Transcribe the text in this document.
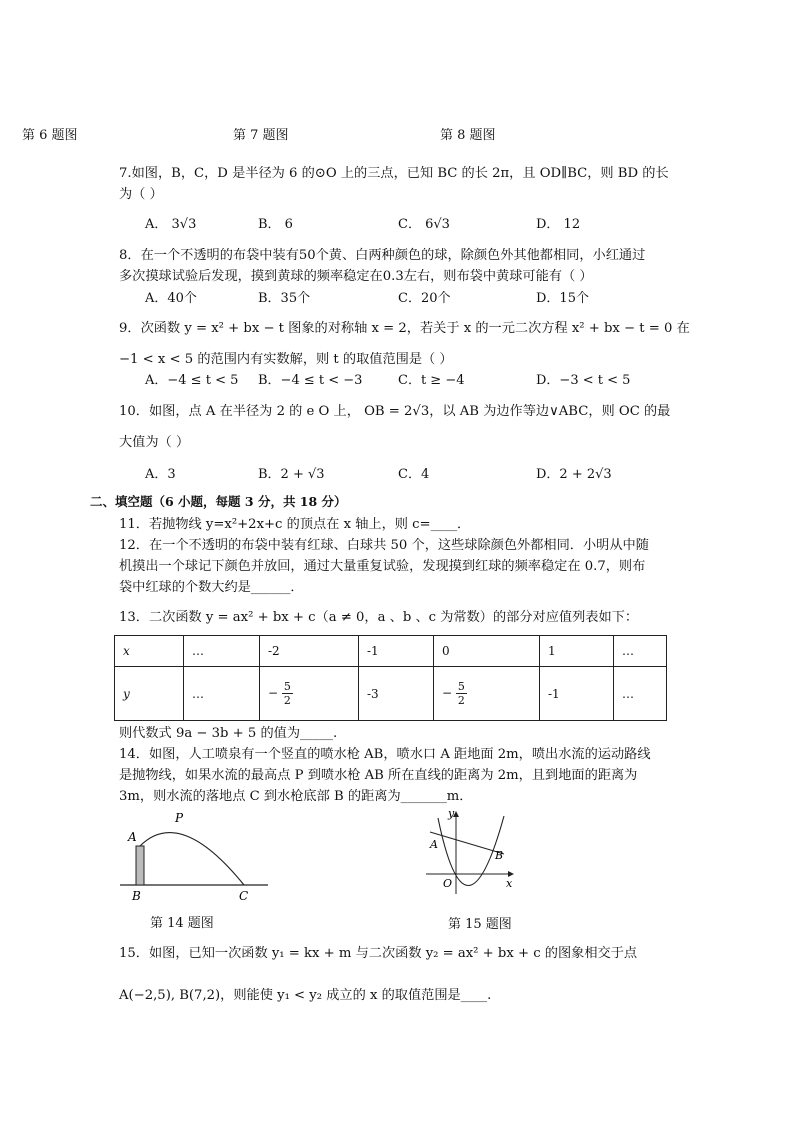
第 6 题图	第 7 题图	第 8 题图
7.如图，B，C，D 是半径为 6 的⊙O 上的三点，已知 BC 的长 2π，且 OD∥BC，则 BD 的长
为（ ）
A． 3√3	B． 6	C． 6√3	D． 12
8．在一个不透明的布袋中装有50个黄、白两种颜色的球，除颜色外其他都相同，小红通过
多次摸球试验后发现，摸到黄球的频率稳定在0.3左右，则布袋中黄球可能有（ ）
A．40个	B．35个	C．20个	D．15个
9．次函数 y = x² + bx − t 图象的对称轴 x = 2，若关于 x 的一元二次方程 x² + bx − t = 0 在
−1 < x < 5 的范围内有实数解，则 t 的取值范围是（ ）
A．−4 ≤ t < 5 B．−4 ≤ t < −3	C．t ≥ −4	D．−3 < t < 5
10．如图，点 A 在半径为 2 的 e O 上， OB = 2√3，以 AB 为边作等边∨ABC，则 OC 的最
大值为（ ）
A．3	B．2 + √3	C．4	D．2 + 2√3
二、填空题（6 小题，每题 3 分，共 18 分）
11．若抛物线 y=x²+2x+c 的顶点在 x 轴上，则 c=____．
12．在一个不透明的布袋中装有红球、白球共 50 个，这些球除颜色外都相同．小明从中随
机摸出一个球记下颜色并放回，通过大量重复试验，发现摸到红球的频率稳定在 0.7，则布
袋中红球的个数大约是______．
13．二次函数 y = ax² + bx + c（a ≠ 0，a 、b 、c 为常数）的部分对应值列表如下：
x	…	-2	-1	0	1	…
y	…	− $\frac{5}{2}$	-3	− $\frac{5}{2}$	-1	…
则代数式 9a − 3b + 5 的值为_____.
14．如图，人工喷泉有一个竖直的喷水枪 AB，喷水口 A 距地面 2m，喷出水流的运动路线
是抛物线，如果水流的最高点 P 到喷水枪 AB 所在直线的距离为 2m，且到地面的距离为
3m，则水流的落地点 C 到水枪底部 B 的距离为_______m．
A
P
B	C
第 14 题图
y
x
O
A
B
第 15 题图
15．如图，已知一次函数 y₁ = kx + m 与二次函数 y₂ = ax² + bx + c 的图象相交于点
A(−2,5), B(7,2)，则能使 y₁ < y₂ 成立的 x 的取值范围是____.
